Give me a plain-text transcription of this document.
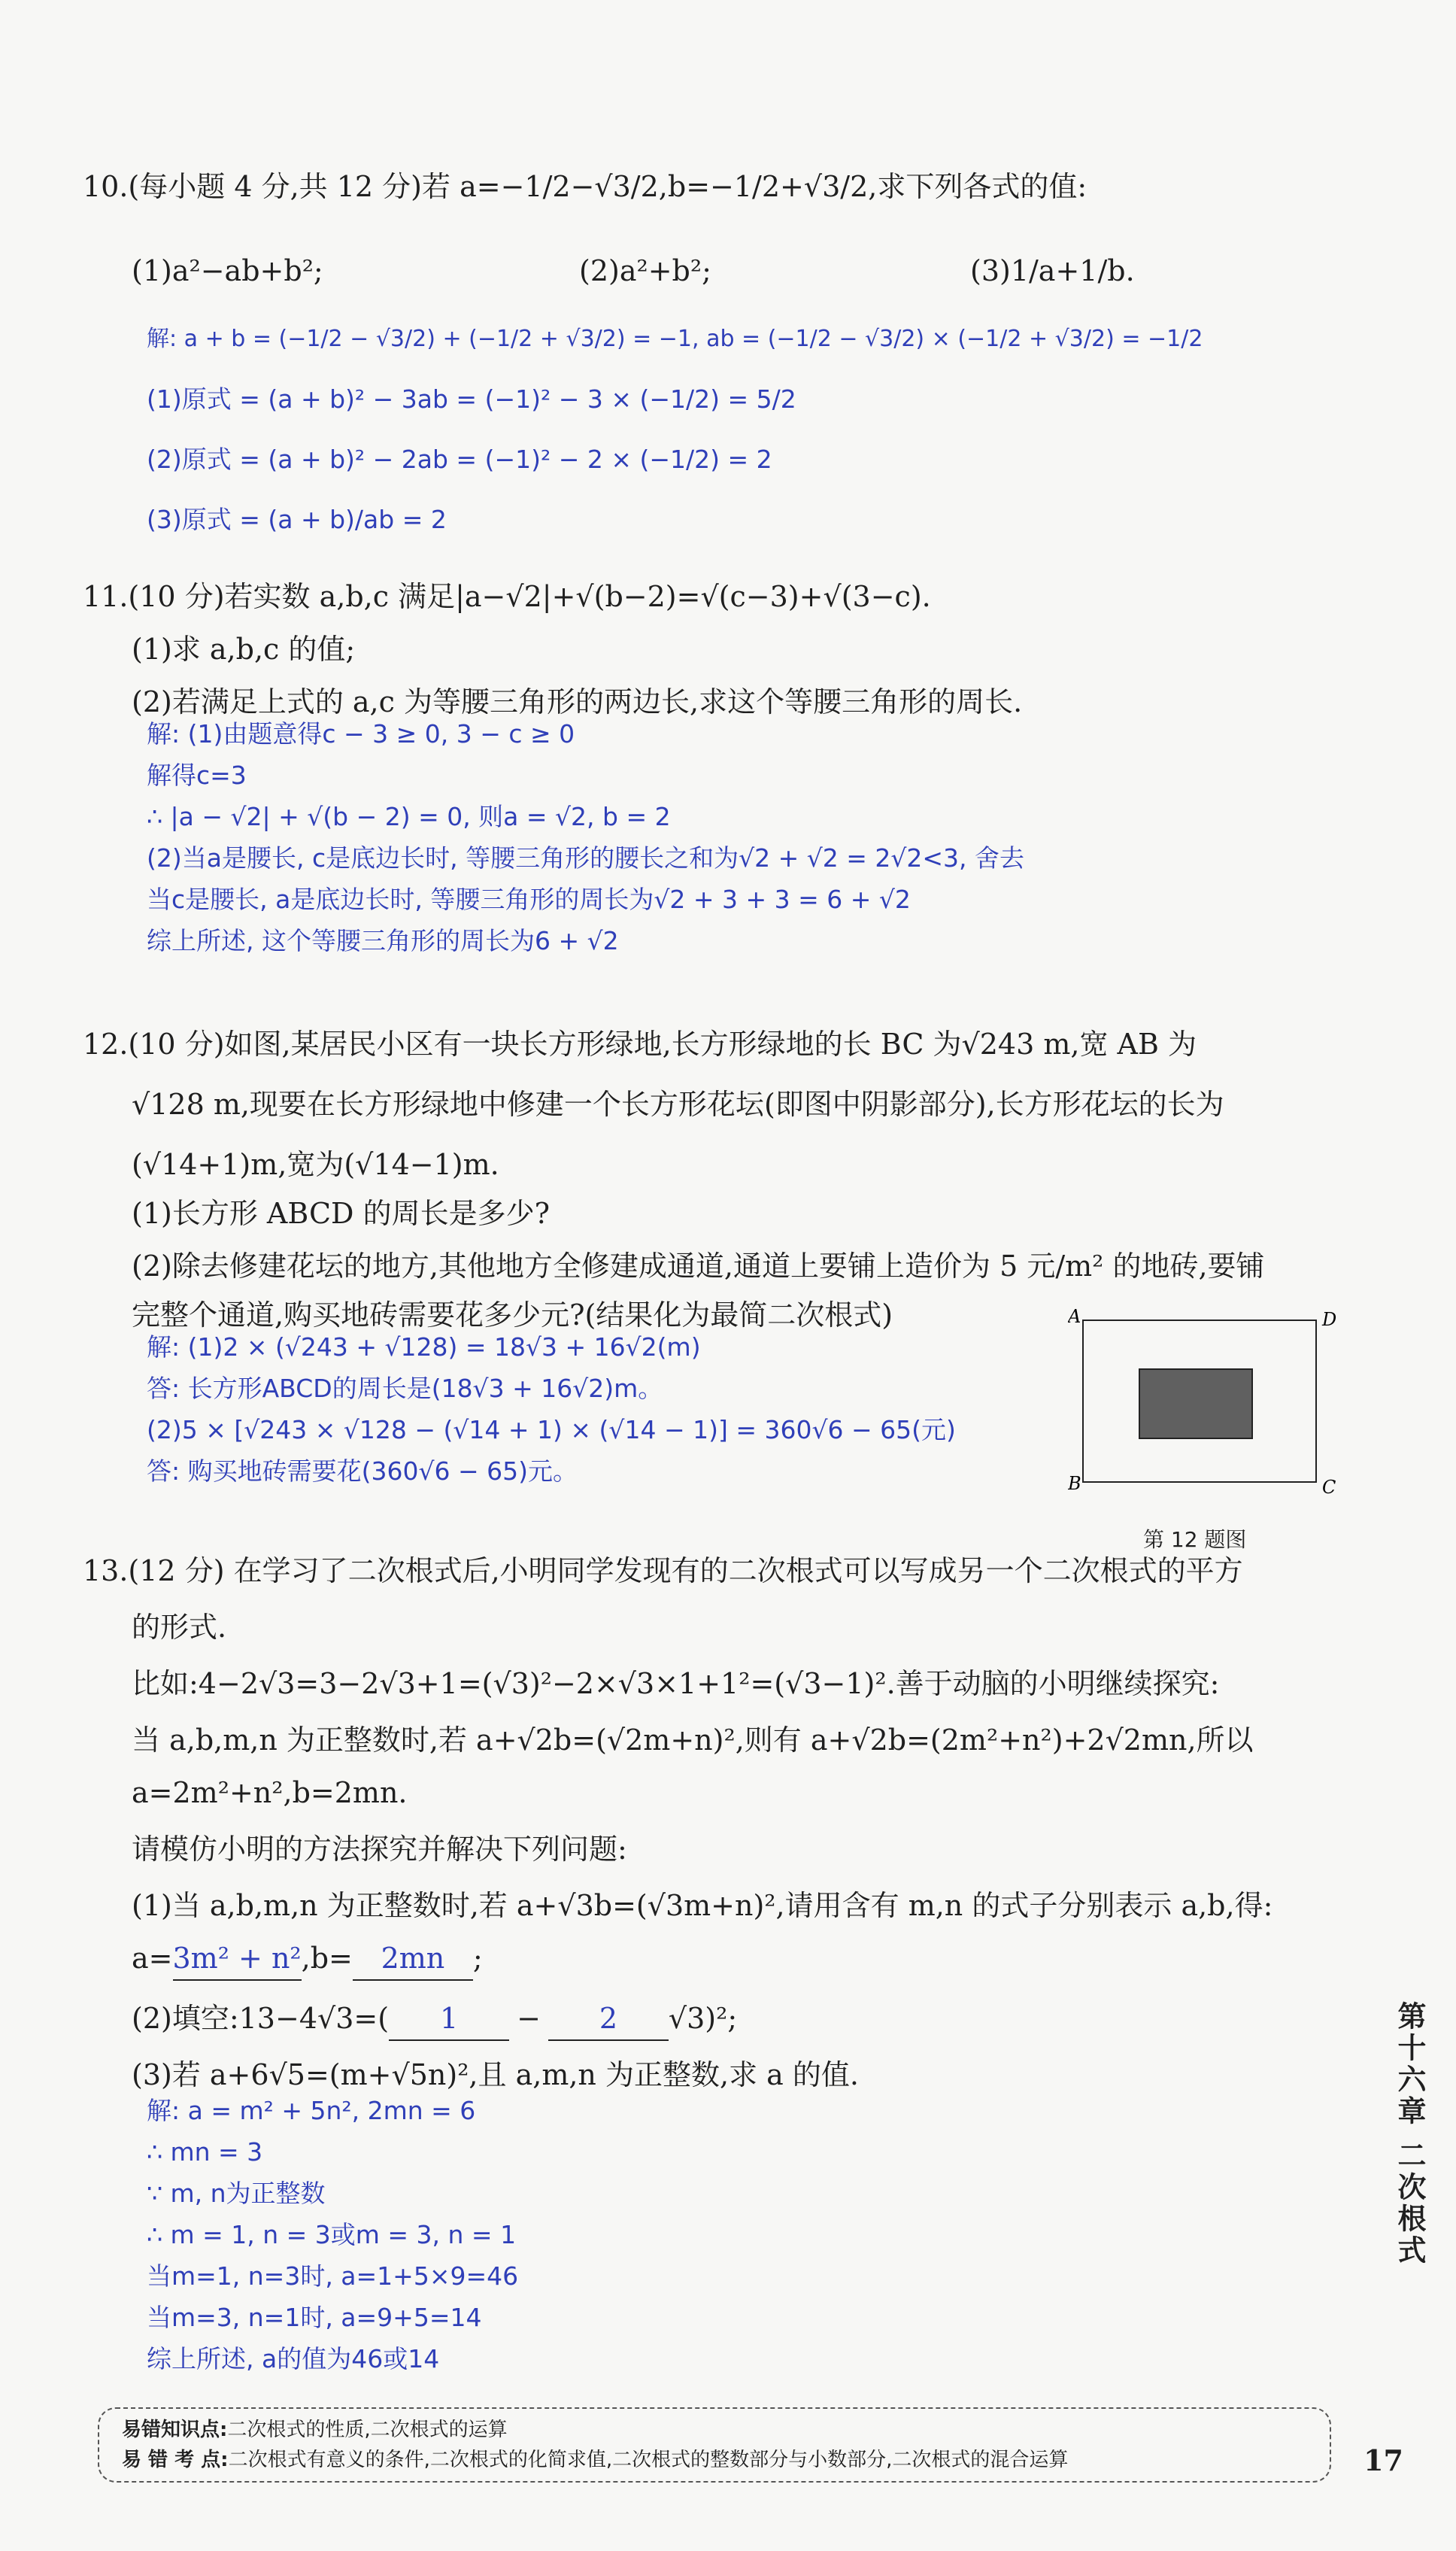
10.(每小题 4 分,共 12 分)若 a=−1/2−√3/2,b=−1/2+√3/2,求下列各式的值:
(1)a²−ab+b²;	(2)a²+b²;	(3)1/a+1/b.
解: a + b = (−1/2 − √3/2) + (−1/2 + √3/2) = −1, ab = (−1/2 − √3/2) × (−1/2 + √3/2) = −1/2
(1)原式 = (a + b)² − 3ab = (−1)² − 3 × (−1/2) = 5/2
(2)原式 = (a + b)² − 2ab = (−1)² − 2 × (−1/2) = 2
(3)原式 = (a + b)/ab = 2
11.(10 分)若实数 a,b,c 满足|a−√2|+√(b−2)=√(c−3)+√(3−c).
(1)求 a,b,c 的值;
(2)若满足上式的 a,c 为等腰三角形的两边长,求这个等腰三角形的周长.
解: (1)由题意得c − 3 ≥ 0, 3 − c ≥ 0
解得c=3
∴ |a − √2| + √(b − 2) = 0, 则a = √2, b = 2
(2)当a是腰长, c是底边长时, 等腰三角形的腰长之和为√2 + √2 = 2√2<3, 舍去
当c是腰长, a是底边长时, 等腰三角形的周长为√2 + 3 + 3 = 6 + √2
综上所述, 这个等腰三角形的周长为6 + √2
12.(10 分)如图,某居民小区有一块长方形绿地,长方形绿地的长 BC 为√243 m,宽 AB 为
√128 m,现要在长方形绿地中修建一个长方形花坛(即图中阴影部分),长方形花坛的长为
(√14+1)m,宽为(√14−1)m.
(1)长方形 ABCD 的周长是多少?
(2)除去修建花坛的地方,其他地方全修建成通道,通道上要铺上造价为 5 元/m² 的地砖,要铺
完整个通道,购买地砖需要花多少元?(结果化为最简二次根式)
解: (1)2 × (√243 + √128) = 18√3 + 16√2(m)
答: 长方形ABCD的周长是(18√3 + 16√2)m。
(2)5 × [√243 × √128 − (√14 + 1) × (√14 − 1)] = 360√6 − 65(元)
答: 购买地砖需要花(360√6 − 65)元。
A	D
B	C
第 12 题图
13.(12 分) 在学习了二次根式后,小明同学发现有的二次根式可以写成另一个二次根式的平方
的形式.
比如:4−2√3=3−2√3+1=(√3)²−2×√3×1+1²=(√3−1)².善于动脑的小明继续探究:
当 a,b,m,n 为正整数时,若 a+√2b=(√2m+n)²,则有 a+√2b=(2m²+n²)+2√2mn,所以
a=2m²+n²,b=2mn.
请模仿小明的方法探究并解决下列问题:
(1)当 a,b,m,n 为正整数时,若 a+√3b=(√3m+n)²,请用含有 m,n 的式子分别表示 a,b,得:
a=3m² + n²,b= 2mn ;
(2)填空:13−4√3=( 1 − 2 √3)²;
(3)若 a+6√5=(m+√5n)²,且 a,m,n 为正整数,求 a 的值.
解: a = m² + 5n², 2mn = 6
∴ mn = 3
∵ m, n为正整数
∴ m = 1, n = 3或m = 3, n = 1
当m=1, n=3时, a=1+5×9=46
当m=3, n=1时, a=9+5=14
综上所述, a的值为46或14
易错知识点:二次根式的性质,二次根式的运算
易 错 考 点:二次根式有意义的条件,二次根式的化简求值,二次根式的整数部分与小数部分,二次根式的混合运算
第十六章 二次根式
17
